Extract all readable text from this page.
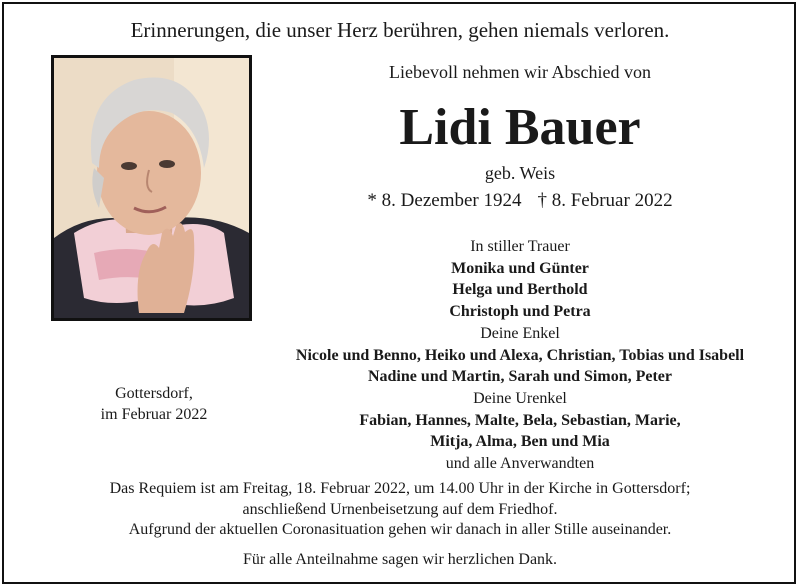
Erinnerungen, die unser Herz berühren, gehen niemals verloren.
Liebevoll nehmen wir Abschied von
Lidi Bauer
geb. Weis
* 8. Dezember 1924 † 8. Februar 2022
In stiller Trauer
Monika und Günter
Helga und Berthold
Christoph und Petra
Deine Enkel
Nicole und Benno, Heiko und Alexa, Christian, Tobias und Isabell
Nadine und Martin, Sarah und Simon, Peter
Deine Urenkel
Fabian, Hannes, Malte, Bela, Sebastian, Marie,
Mitja, Alma, Ben und Mia
und alle Anverwandten
Gottersdorf,
im Februar 2022
Das Requiem ist am Freitag, 18. Februar 2022, um 14.00 Uhr in der Kirche in Gottersdorf;
anschließend Urnenbeisetzung auf dem Friedhof.
Aufgrund der aktuellen Coronasituation gehen wir danach in aller Stille auseinander.
Für alle Anteilnahme sagen wir herzlichen Dank.
